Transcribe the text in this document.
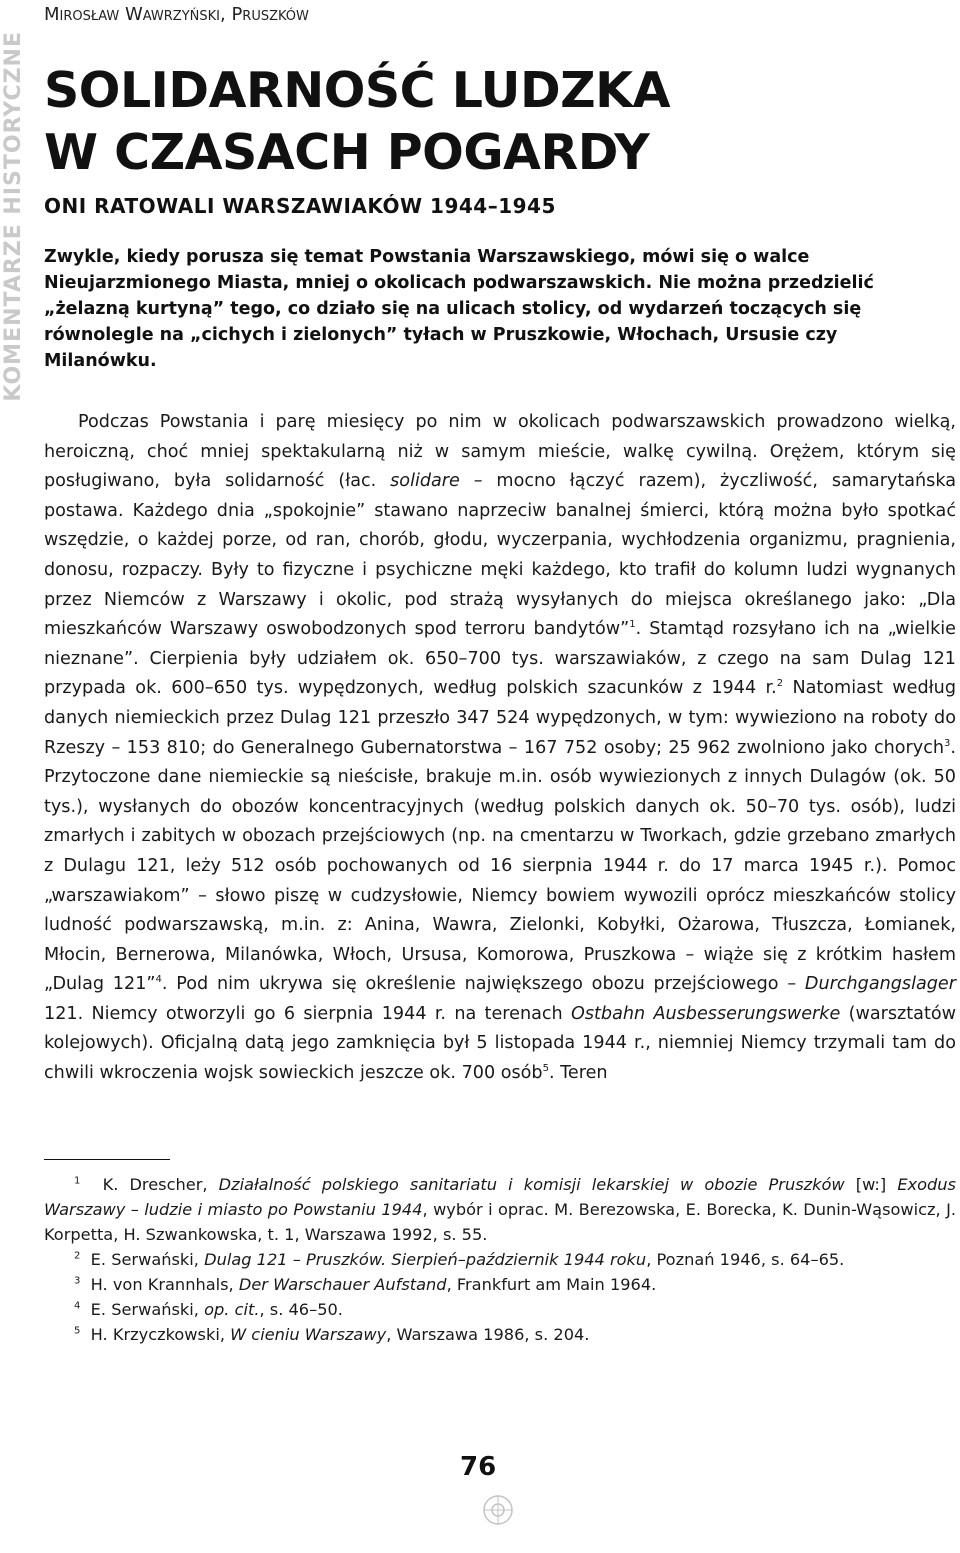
KOMENTARZE HISTORYCZNE
Mirosław Wawrzyński, Pruszków
SOLIDARNOŚĆ LUDZKA
W CZASACH POGARDY
ONI RATOWALI WARSZAWIAKÓW 1944–1945

Zwykle, kiedy porusza się temat Powstania Warszawskiego, mówi się o walce Nieujarzmionego Miasta, mniej o okolicach podwarszawskich. Nie można przedzielić „żelazną kurtyną” tego, co działo się na ulicach stolicy, od wydarzeń toczących się równolegle na „cichych i zielonych” tyłach w Pruszkowie, Włochach, Ursusie czy Milanówku.

Podczas Powstania i parę miesięcy po nim w okolicach podwarszawskich prowadzono wielką, heroiczną, choć mniej spektakularną niż w samym mieście, walkę cywilną. Orężem, którym się posługiwano, była solidarność (łac. solidare – mocno łączyć razem), życzliwość, samarytańska postawa. Każdego dnia „spokojnie” stawano naprzeciw banalnej śmierci, którą można było spotkać wszędzie, o każdej porze, od ran, chorób, głodu, wyczerpania, wychłodzenia organizmu, pragnienia, donosu, rozpaczy. Były to fizyczne i psychiczne męki każdego, kto trafił do kolumn ludzi wygnanych przez Niemców z Warszawy i okolic, pod strażą wysyłanych do miejsca określanego jako: „Dla mieszkańców Warszawy oswobodzonych spod terroru bandytów”$^1$. Stamtąd rozsyłano ich na „wielkie nieznane”. Cierpienia były udziałem ok. 650–700 tys. warszawiaków, z czego na sam Dulag 121 przypada ok. 600–650 tys. wypędzonych, według polskich szacunków z 1944 r.$^2$ Natomiast według danych niemieckich przez Dulag 121 przeszło 347 524 wypędzonych, w tym: wywieziono na roboty do Rzeszy – 153 810; do Generalnego Gubernatorstwa – 167 752 osoby; 25 962 zwolniono jako chorych$^3$. Przytoczone dane niemieckie są nieścisłe, brakuje m.in. osób wywiezionych z innych Dulagów (ok. 50 tys.), wysłanych do obozów koncentracyjnych (według polskich danych ok. 50–70 tys. osób), ludzi zmarłych i zabitych w obozach przejściowych (np. na cmentarzu w Tworkach, gdzie grzebano zmarłych z Dulagu 121, leży 512 osób pochowanych od 16 sierpnia 1944 r. do 17 marca 1945 r.). Pomoc „warszawiakom” – słowo piszę w cudzysłowie, Niemcy bowiem wywozili oprócz mieszkańców stolicy ludność podwarszawską, m.in. z: Anina, Wawra, Zielonki, Kobyłki, Ożarowa, Tłuszcza, Łomianek, Młocin, Bernerowa, Milanówka, Włoch, Ursusa, Komorowa, Pruszkowa – wiąże się z krótkim hasłem „Dulag 121”$^4$. Pod nim ukrywa się określenie największego obozu przejściowego – Durchgangslager 121. Niemcy otworzyli go 6 sierpnia 1944 r. na terenach Ostbahn Ausbesserungswerke (warsztatów kolejowych). Oficjalną datą jego zamknięcia był 5 listopada 1944 r., niemniej Niemcy trzymali tam do chwili wkroczenia wojsk sowieckich jeszcze ok. 700 osób$^5$. Teren

$^1$ K. Drescher, Działalność polskiego sanitariatu i komisji lekarskiej w obozie Pruszków [w:] Exodus Warszawy – ludzie i miasto po Powstaniu 1944, wybór i oprac. M. Berezowska, E. Borecka, K. Dunin-Wąsowicz, J. Korpetta, H. Szwankowska, t. 1, Warszawa 1992, s. 55.

$^2$ E. Serwański, Dulag 121 – Pruszków. Sierpień–październik 1944 roku, Poznań 1946, s. 64–65.

$^3$ H. von Krannhals, Der Warschauer Aufstand, Frankfurt am Main 1964.

$^4$ E. Serwański, op. cit., s. 46–50.

$^5$ H. Krzyczkowski, W cieniu Warszawy, Warszawa 1986, s. 204.

76
